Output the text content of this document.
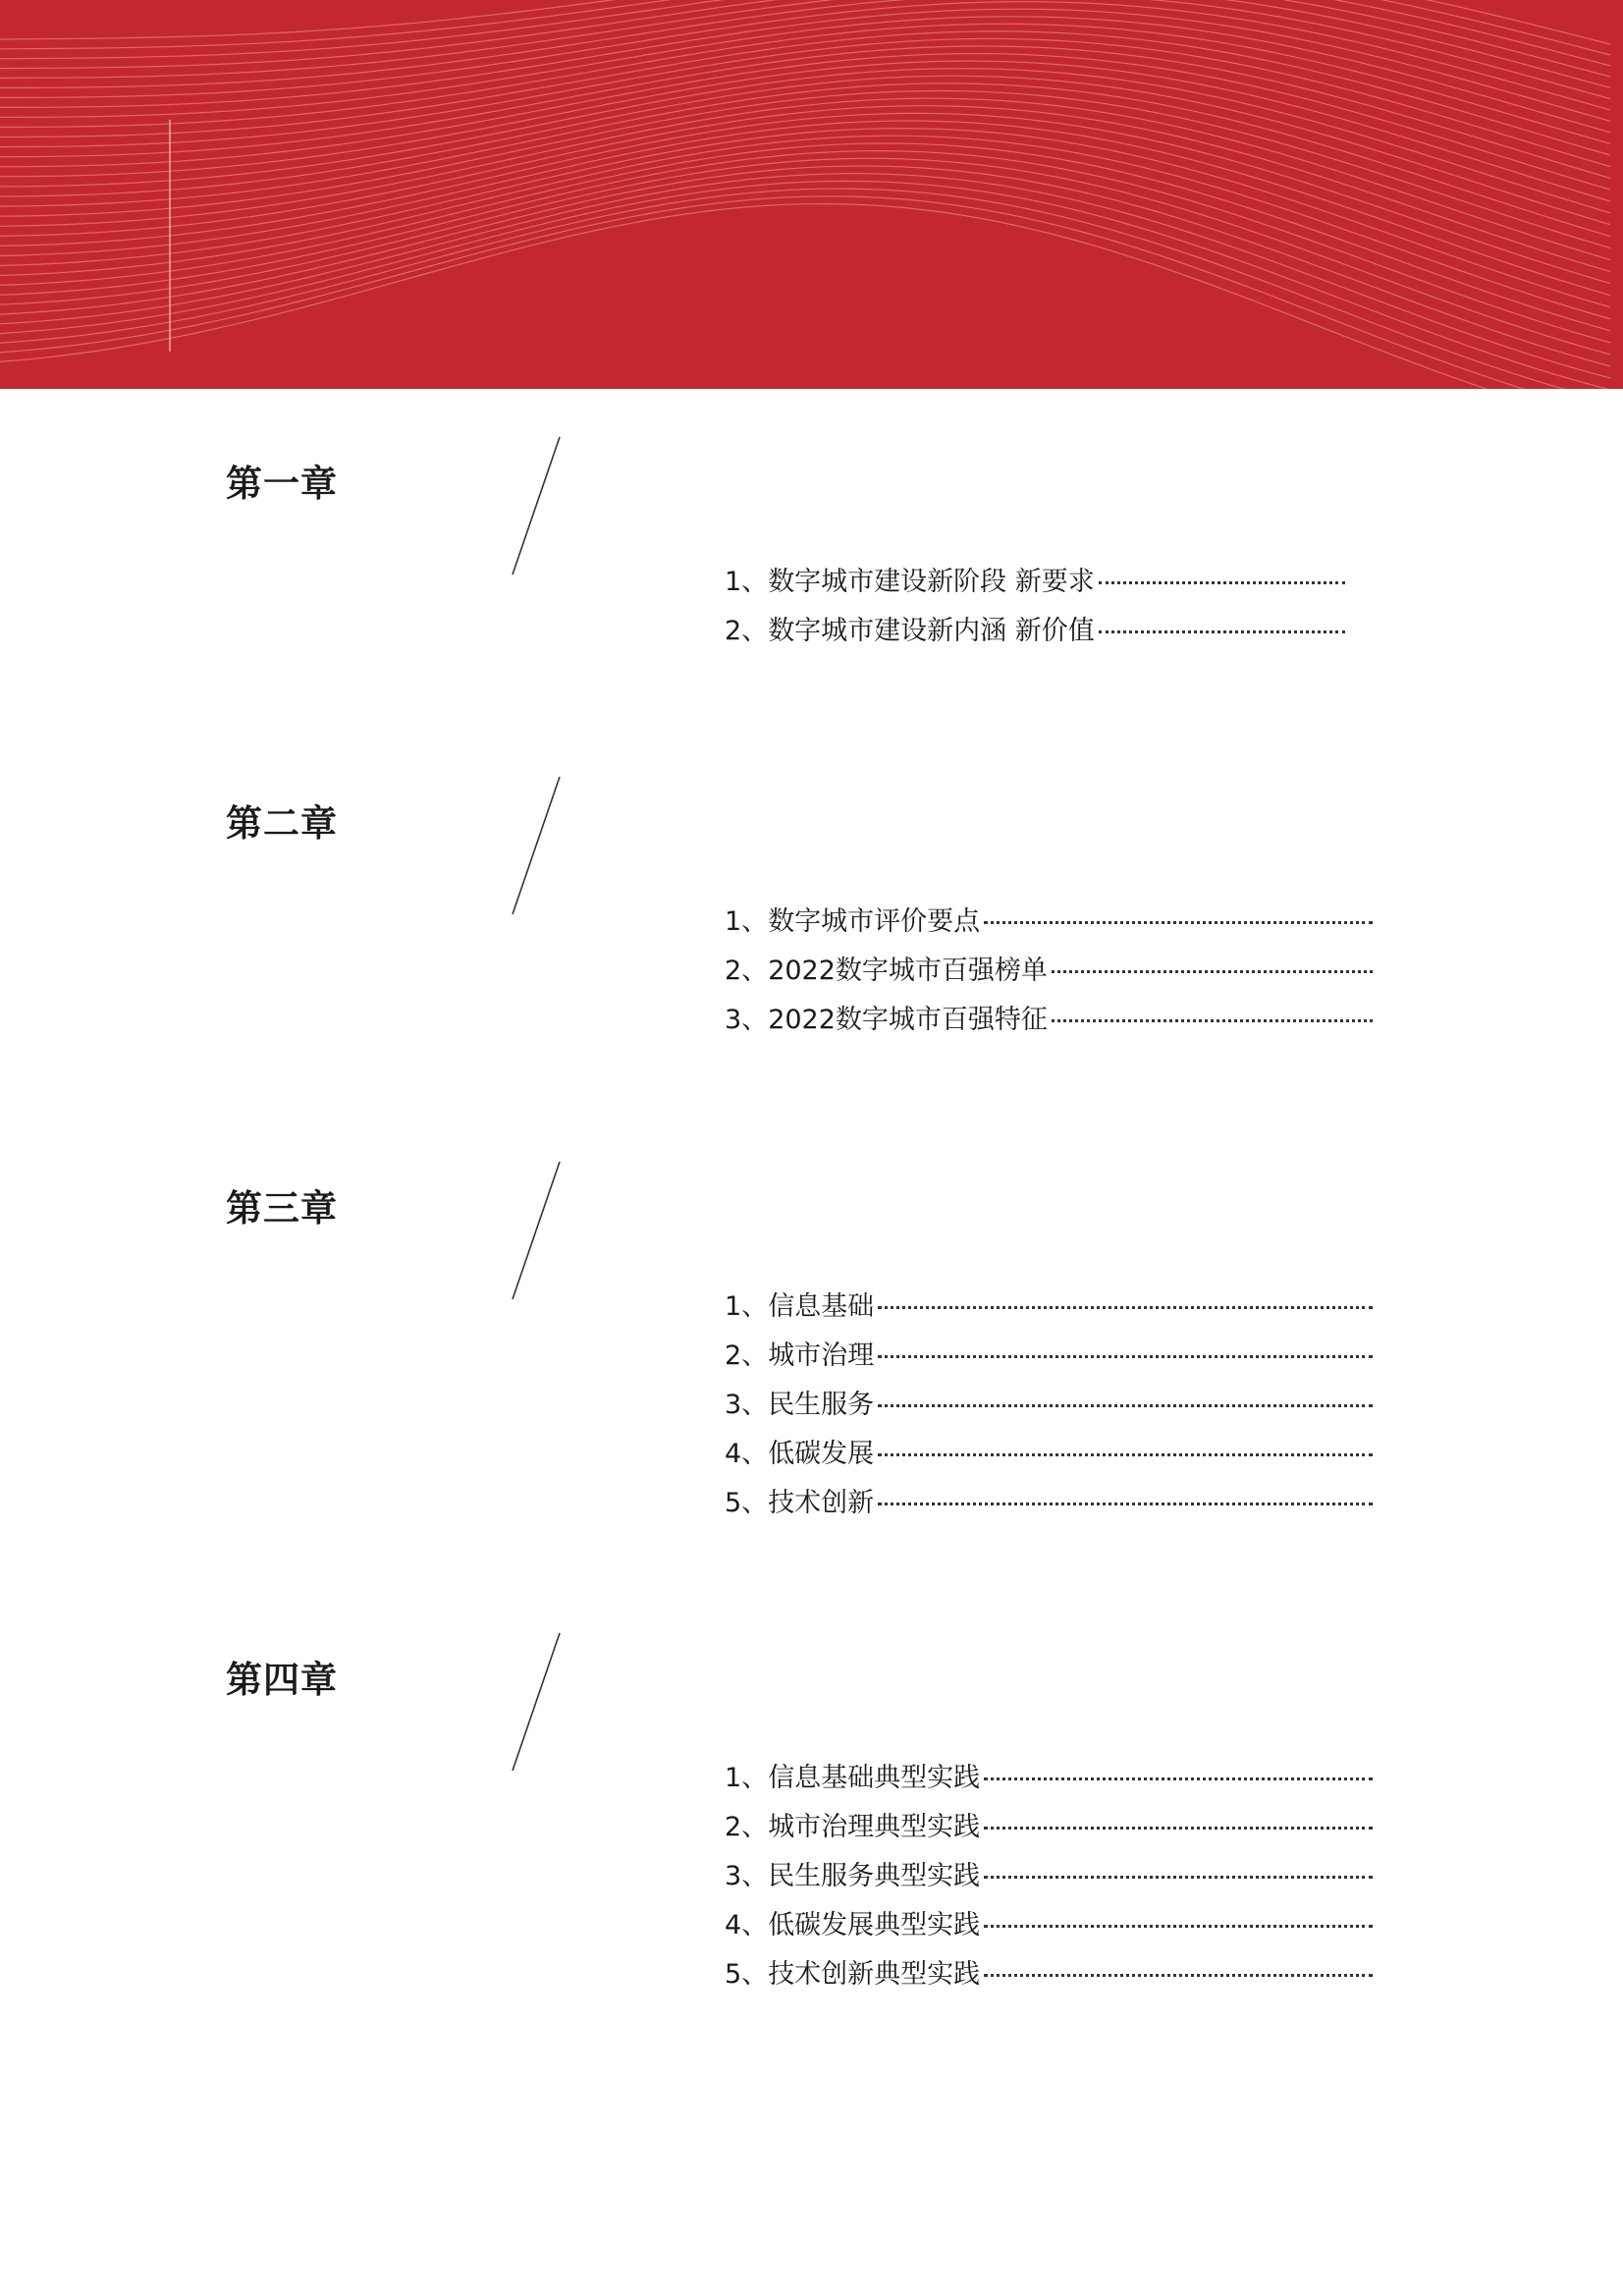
第一章
1、 数字城市建设新阶段 新要求
2、 数字城市建设新内涵 新价值
第二章
1、 数字城市评价要点
2、 2022数字城市百强榜单
3、 2022数字城市百强特征
第三章
1、 信息基础
2、 城市治理
3、 民生服务
4、 低碳发展
5、 技术创新
第四章
1、 信息基础典型实践
2、 城市治理典型实践
3、 民生服务典型实践
4、 低碳发展典型实践
5、 技术创新典型实践
